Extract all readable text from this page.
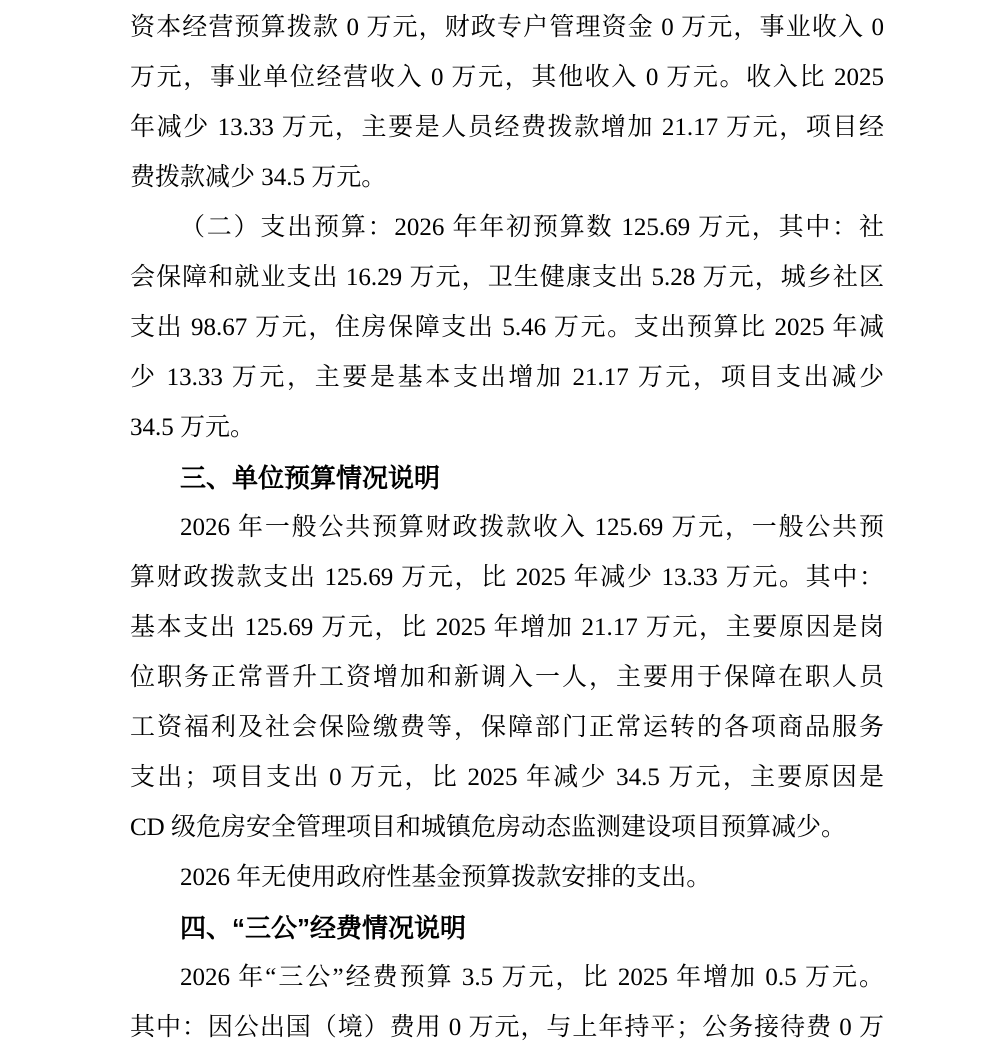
资本经营预算拨款 0 万元，财政专户管理资金 0 万元，事业收入 0
万元，事业单位经营收入 0 万元，其他收入 0 万元。收入比 2025
年减少 13.33 万元，主要是人员经费拨款增加 21.17 万元，项目经
费拨款减少 34.5 万元。
（二）支出预算：2026 年年初预算数 125.69 万元，其中：社
会保障和就业支出 16.29 万元，卫生健康支出 5.28 万元，城乡社区
支出 98.67 万元，住房保障支出 5.46 万元。支出预算比 2025 年减
少 13.33 万元，主要是基本支出增加 21.17 万元，项目支出减少
34.5 万元。
三、单位预算情况说明
2026 年一般公共预算财政拨款收入 125.69 万元，一般公共预
算财政拨款支出 125.69 万元，比 2025 年减少 13.33 万元。其中：
基本支出 125.69 万元，比 2025 年增加 21.17 万元，主要原因是岗
位职务正常晋升工资增加和新调入一人，主要用于保障在职人员
工资福利及社会保险缴费等，保障部门正常运转的各项商品服务
支出；项目支出 0 万元，比 2025 年减少 34.5 万元，主要原因是
CD 级危房安全管理项目和城镇危房动态监测建设项目预算减少。
2026 年无使用政府性基金预算拨款安排的支出。
四、“三公”经费情况说明
2026 年“三公”经费预算 3.5 万元，比 2025 年增加 0.5 万元。
其中：因公出国（境）费用 0 万元，与上年持平；公务接待费 0 万
